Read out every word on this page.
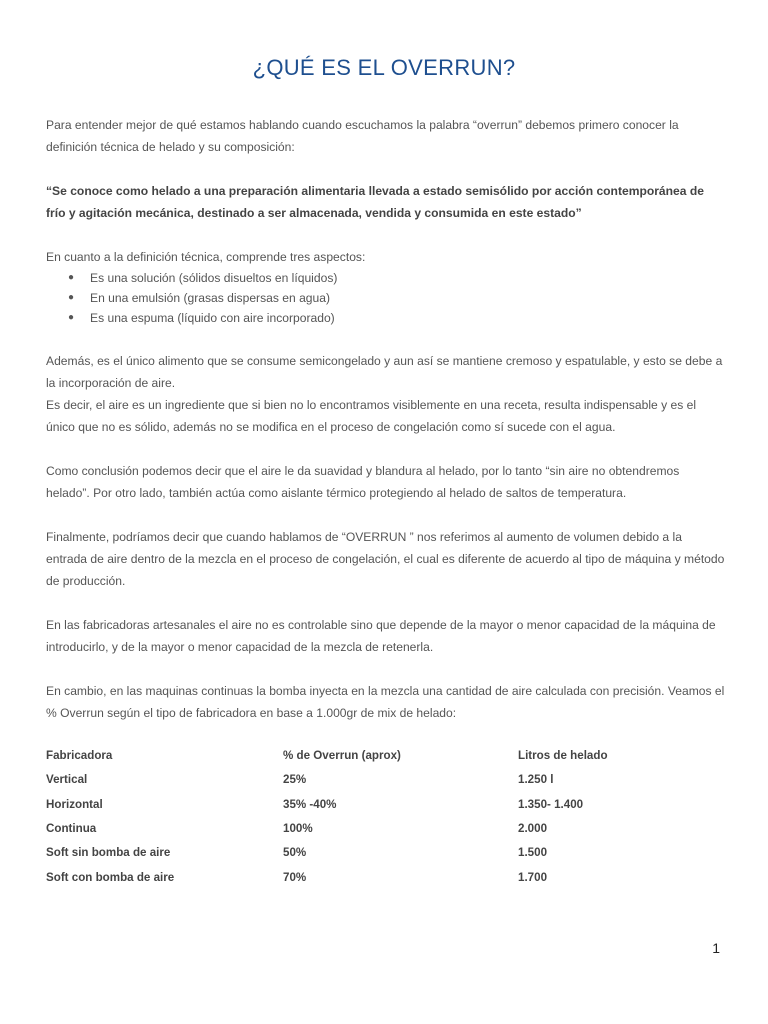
¿QUÉ ES EL OVERRUN?

Para entender mejor de qué estamos hablando cuando escuchamos la palabra “overrun” debemos primero conocer la definición técnica de helado y su composición:

“Se conoce como helado a una preparación alimentaria llevada a estado semisólido por acción contemporánea de frío y agitación mecánica, destinado a ser almacenada, vendida y consumida en este estado”

En cuanto a la definición técnica, comprende tres aspectos:

● Es una solución (sólidos disueltos en líquidos)
● En una emulsión (grasas dispersas en agua)
● Es una espuma (líquido con aire incorporado)

Además, es el único alimento que se consume semicongelado y aun así se mantiene cremoso y espatulable, y esto se debe a la incorporación de aire.

Es decir, el aire es un ingrediente que si bien no lo encontramos visiblemente en una receta, resulta indispensable y es el único que no es sólido, además no se modifica en el proceso de congelación como sí sucede con el agua.

Como conclusión podemos decir que el aire le da suavidad y blandura al helado, por lo tanto “sin aire no obtendremos helado”. Por otro lado, también actúa como aislante térmico protegiendo al helado de saltos de temperatura.

Finalmente, podríamos decir que cuando hablamos de “OVERRUN ” nos referimos al aumento de volumen debido a la entrada de aire dentro de la mezcla en el proceso de congelación, el cual es diferente de acuerdo al tipo de máquina y método de producción.

En las fabricadoras artesanales el aire no es controlable sino que depende de la mayor o menor capacidad de la máquina de introducirlo, y de la mayor o menor capacidad de la mezcla de retenerla.

En cambio, en las maquinas continuas la bomba inyecta en la mezcla una cantidad de aire calculada con precisión. Veamos el % Overrun según el tipo de fabricadora en base a 1.000gr de mix de helado:

Fabricadora	% de Overrun (aprox)	Litros de helado
Vertical	25%	1.250 l
Horizontal	35% -40%	1.350- 1.400
Continua	100%	2.000
Soft sin bomba de aire	50%	1.500
Soft con bomba de aire	70%	1.700
1
